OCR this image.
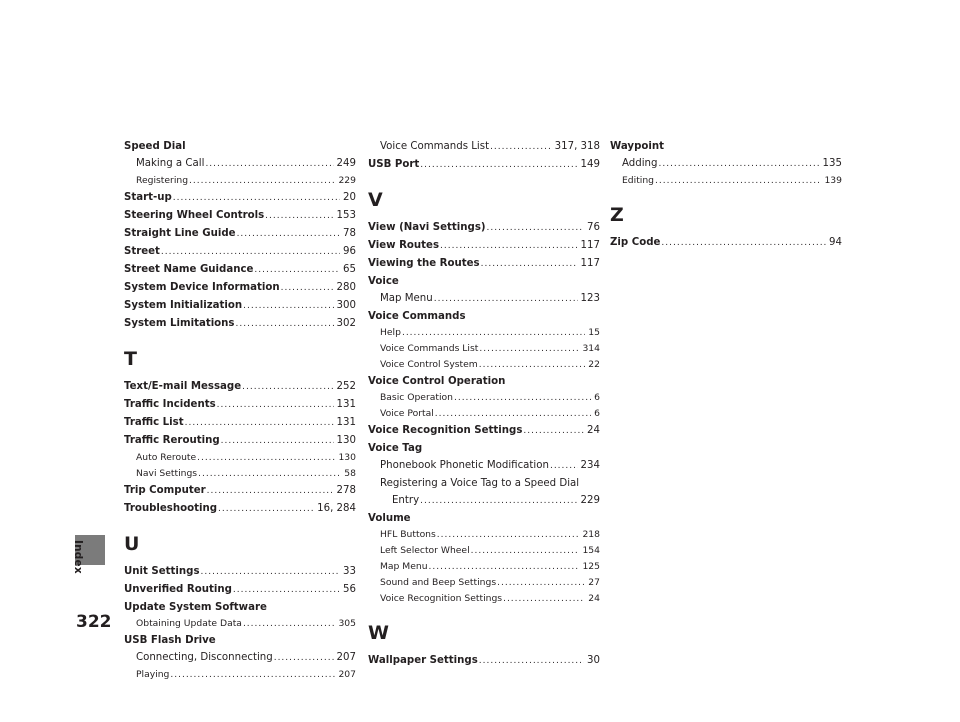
Index
322
Speed Dial
Making a Call .....	249
Registering .....	229
Start-up .....	20
Steering Wheel Controls .....	153
Straight Line Guide .....	78
Street .....	96
Street Name Guidance .....	65
System Device Information .....	280
System Initialization .....	300
System Limitations .....	302
T
Text/E-mail Message .....	252
Traffic Incidents .....	131
Traffic List .....	131
Traffic Rerouting .....	130
Auto Reroute .....	130
Navi Settings .....	58
Trip Computer .....	278
Troubleshooting .....	16, 284
U
Unit Settings .....	33
Unverified Routing .....	56
Update System Software
Obtaining Update Data .....	305
USB Flash Drive
Connecting, Disconnecting .....	207
Playing .....	207
Voice Commands List .....	317, 318
USB Port .....	149
V
View (Navi Settings) .....	76
View Routes .....	117
Viewing the Routes .....	117
Voice
Map Menu .....	123
Voice Commands
Help .....	15
Voice Commands List .....	314
Voice Control System .....	22
Voice Control Operation
Basic Operation .....	6
Voice Portal .....	6
Voice Recognition Settings .....	24
Voice Tag
Phonebook Phonetic Modification .....	234
Registering a Voice Tag to a Speed Dial
Entry .....	229
Volume
HFL Buttons .....	218
Left Selector Wheel .....	154
Map Menu .....	125
Sound and Beep Settings .....	27
Voice Recognition Settings .....	24
W
Wallpaper Settings .....	30
Waypoint
Adding .....	135
Editing .....	139
Z
Zip Code .....	94
